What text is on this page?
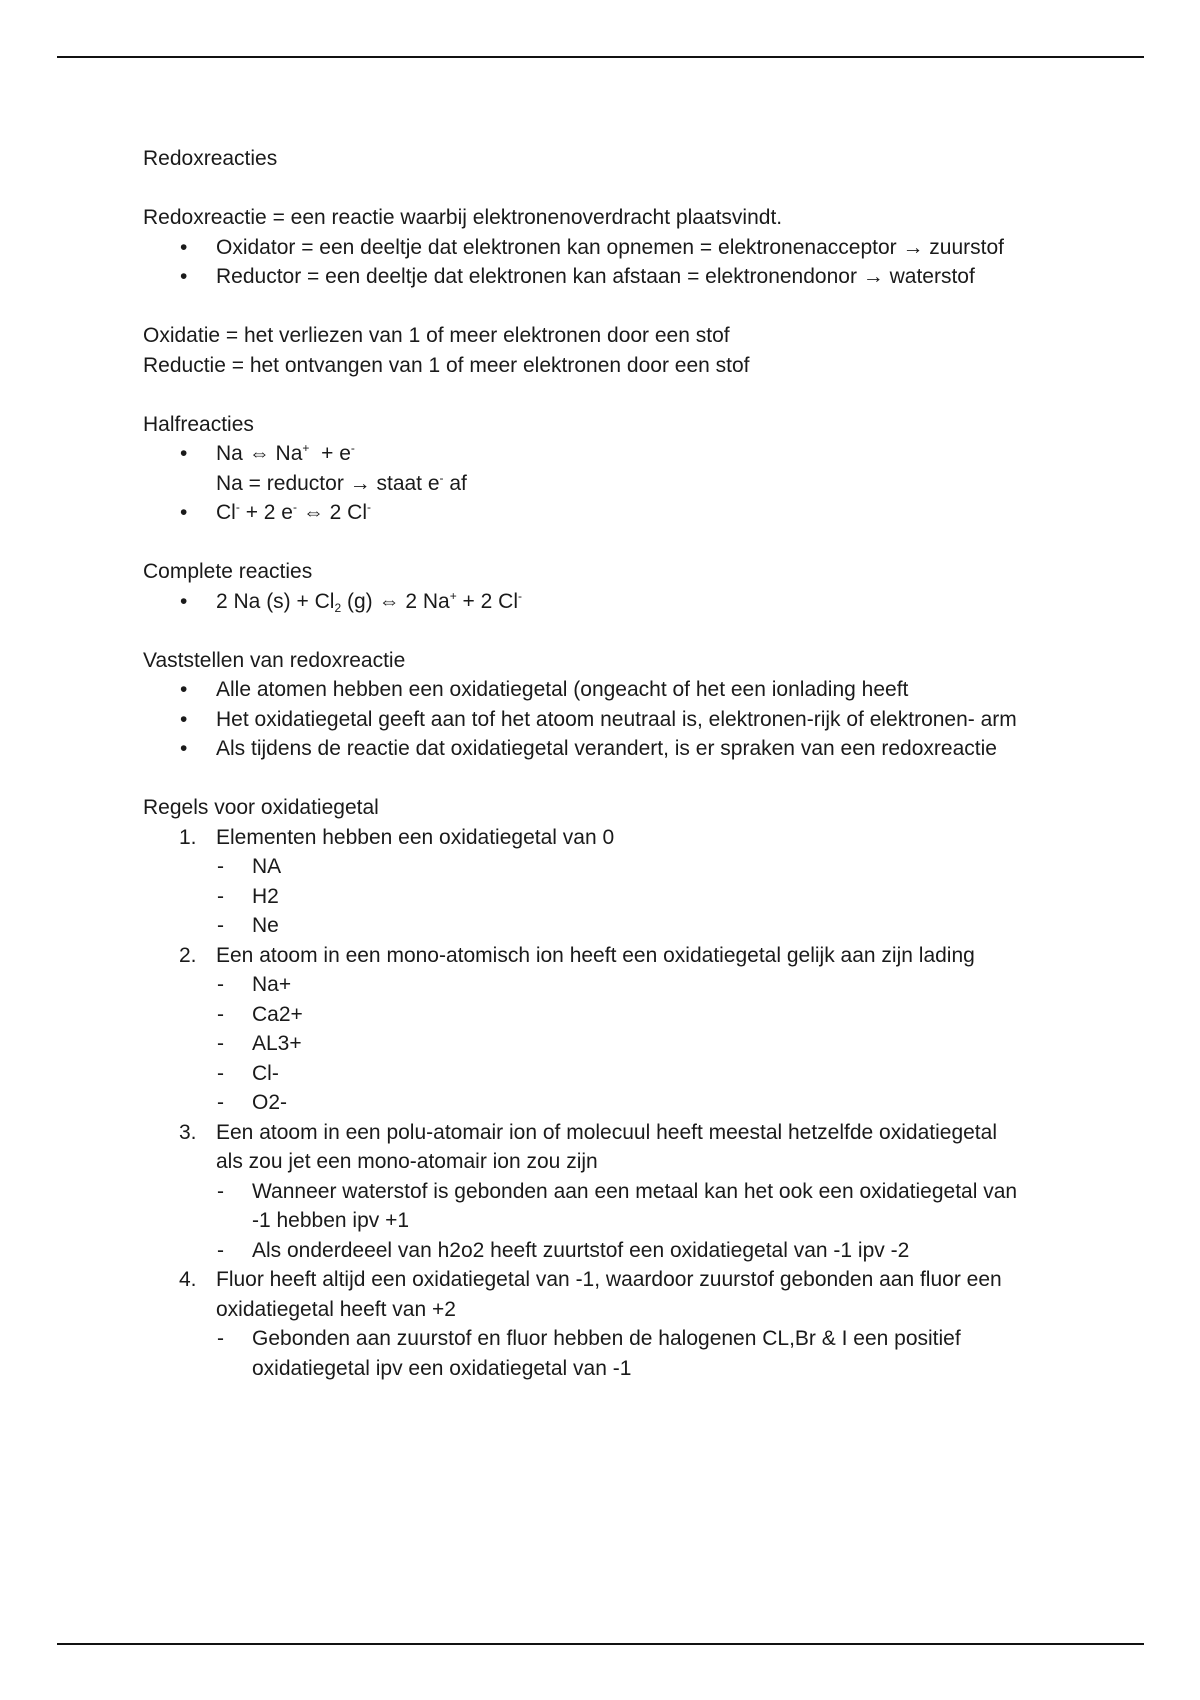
Redoxreacties

Redoxreactie = een reactie waarbij elektronenoverdracht plaatsvindt.

• Oxidator = een deeltje dat elektronen kan opnemen = elektronenacceptor → zuurstof
• Reductor = een deeltje dat elektronen kan afstaan = elektronendonor → waterstof

Oxidatie = het verliezen van 1 of meer elektronen door een stof

Reductie = het ontvangen van 1 of meer elektronen door een stof

Halfreacties

• Na ⇔ Na+ + e-
Na = reductor → staat e- af
• Cl- + 2 e- ⇔ 2 Cl-

Complete reacties

• 2 Na $(s) + Cl_2$ (g) ⇔ 2 Na+ + 2 Cl-

Vaststellen van redoxreactie

• Alle atomen hebben een oxidatiegetal (ongeacht of het een ionlading heeft
• Het oxidatiegetal geeft aan tof het atoom neutraal is, elektronen-rijk of elektronen- arm
• Als tijdens de reactie dat oxidatiegetal verandert, is er spraken van een redoxreactie

Regels voor oxidatiegetal

1. Elementen hebben een oxidatiegetal van 0
- NA
- H2
- Ne
2. Een atoom in een mono-atomisch ion heeft een oxidatiegetal gelijk aan zijn lading
- Na+
- Ca2+
- AL3+
- Cl-
- O2-
3. Een atoom in een polu-atomair ion of molecuul heeft meestal hetzelfde oxidatiegetal als zou jet een mono-atomair ion zou zijn
- Wanneer waterstof is gebonden aan een metaal kan het ook een oxidatiegetal van -1 hebben ipv +1
- Als onderdeeel van h2o2 heeft zuurtstof een oxidatiegetal van -1 ipv -2
4. Fluor heeft altijd een oxidatiegetal van -1, waardoor zuurstof gebonden aan fluor een oxidatiegetal heeft van +2
- Gebonden aan zuurstof en fluor hebben de halogenen CL,Br & I een positief oxidatiegetal ipv een oxidatiegetal van -1
